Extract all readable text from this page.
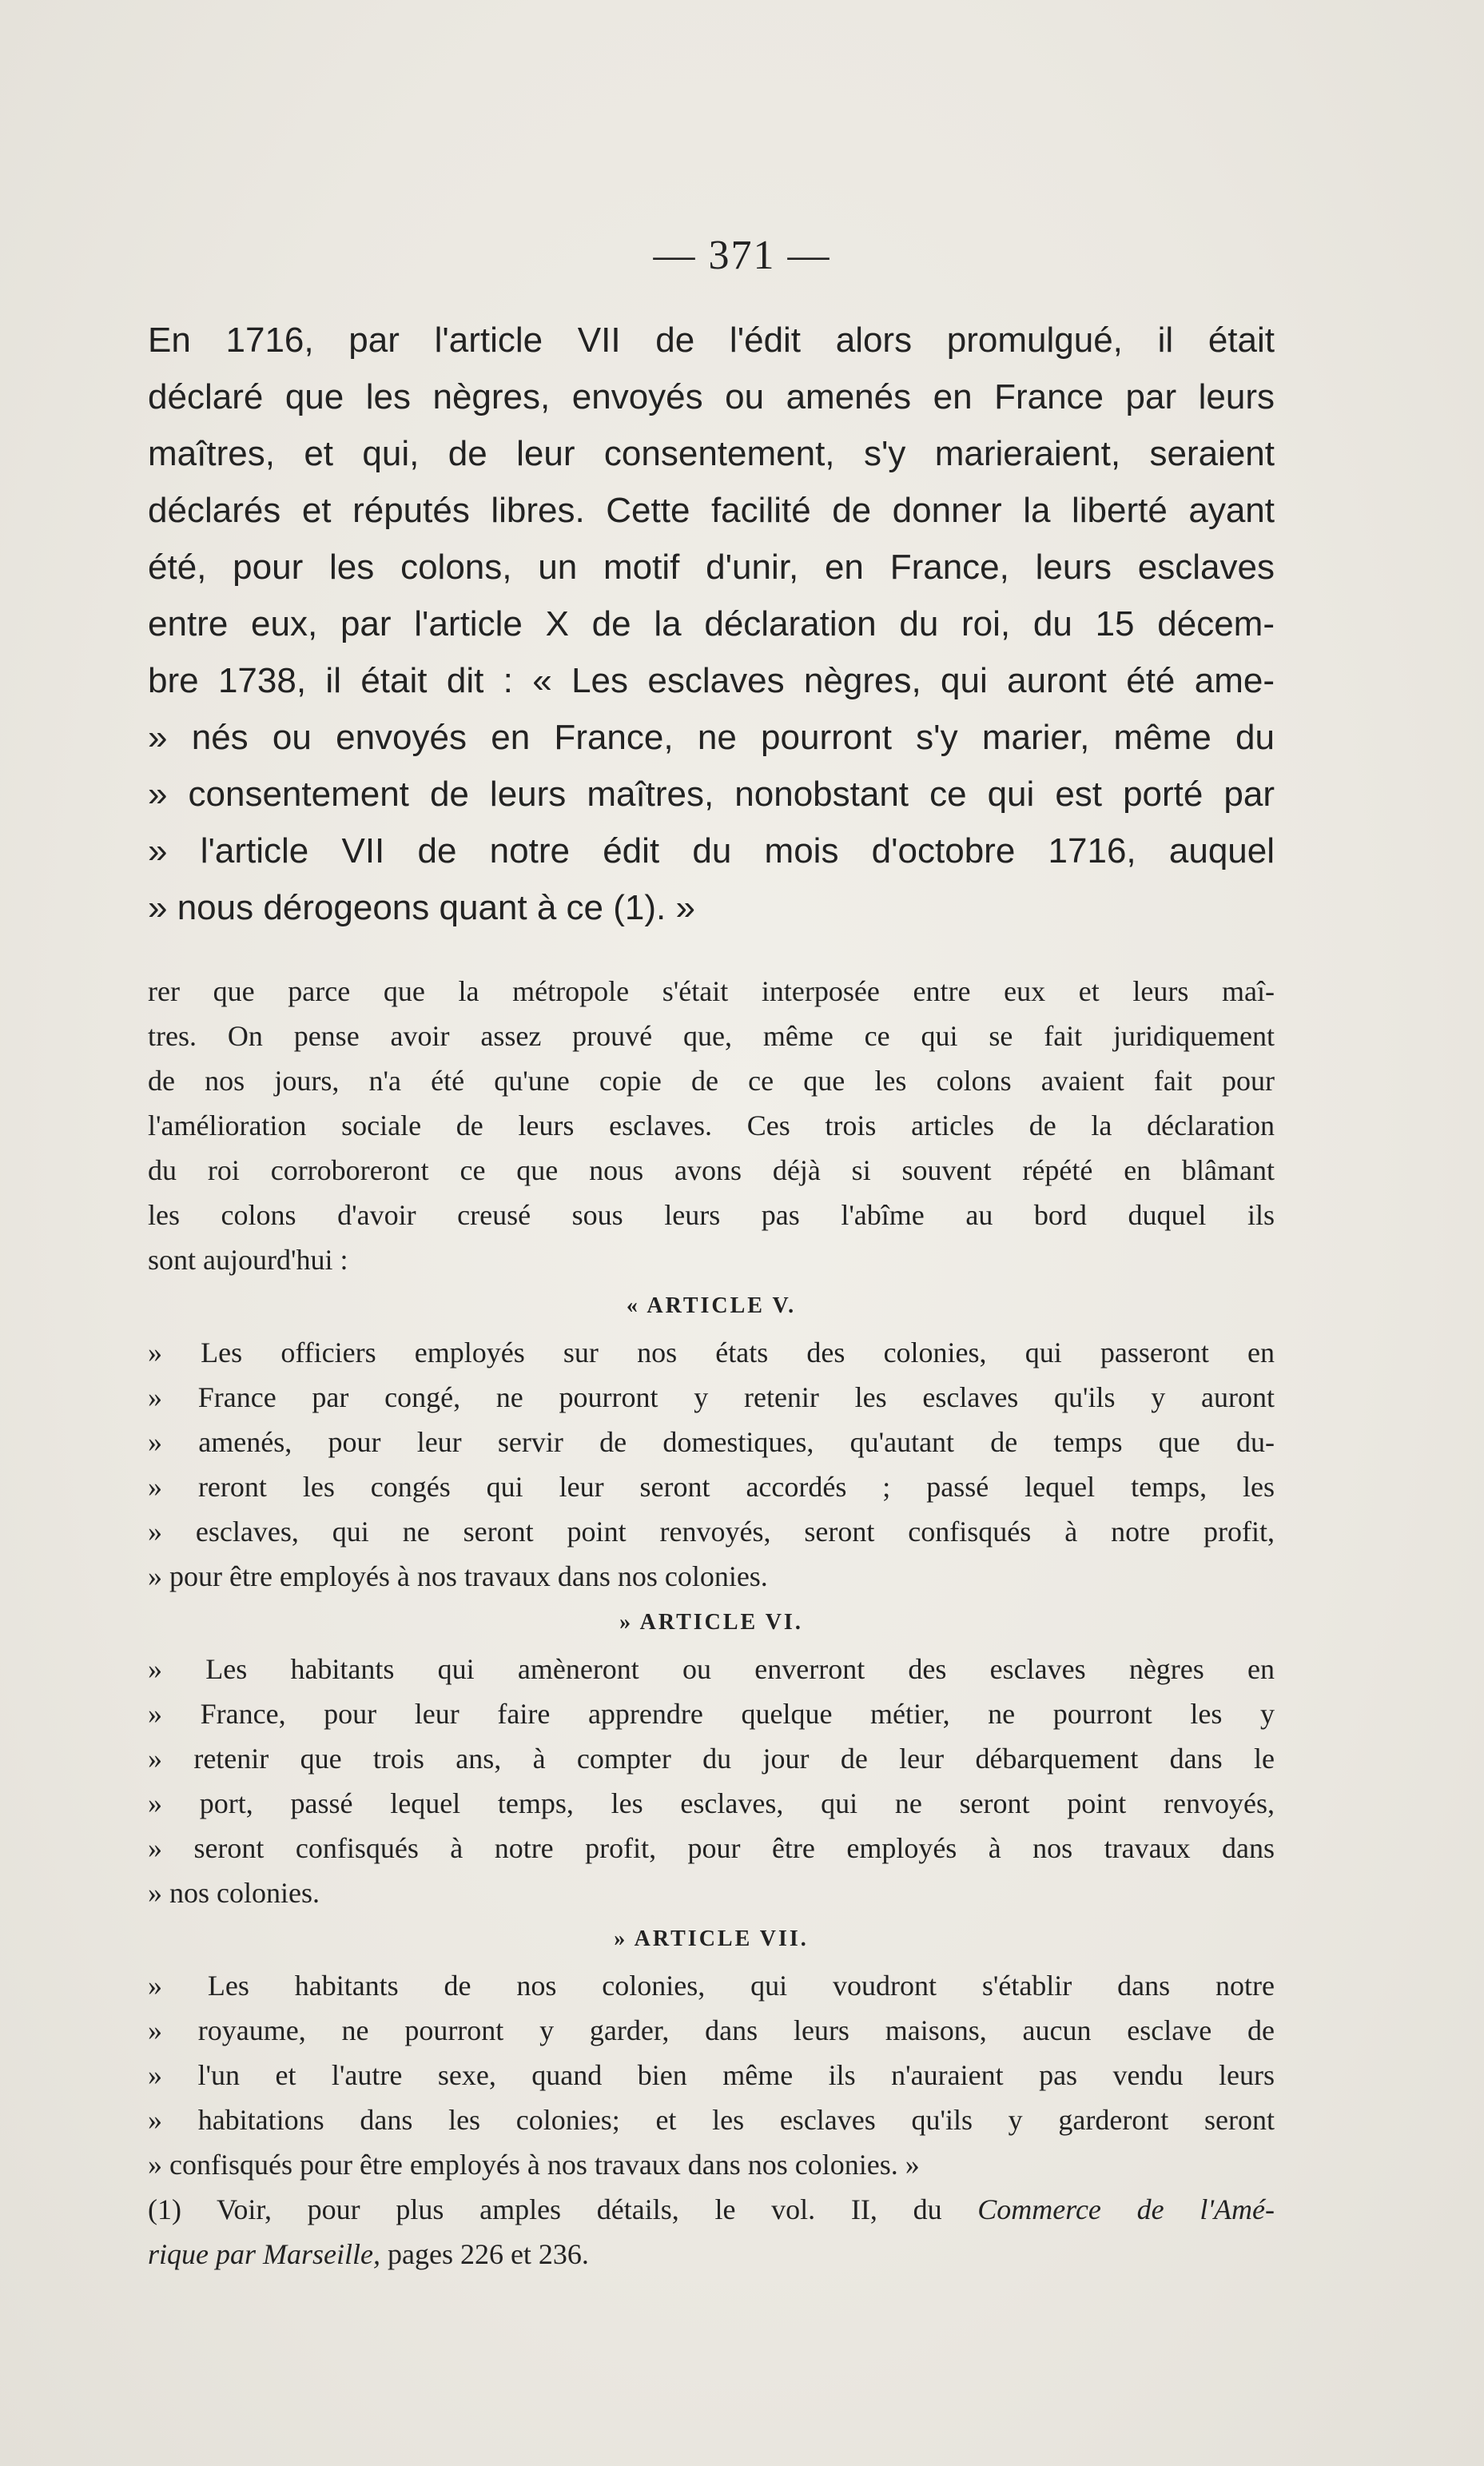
— 371 —
En 1716, par l'article VII de l'édit alors promulgué, il était
déclaré que les nègres, envoyés ou amenés en France par leurs
maîtres, et qui, de leur consentement, s'y marieraient, seraient
déclarés et réputés libres. Cette facilité de donner la liberté ayant
été, pour les colons, un motif d'unir, en France, leurs esclaves
entre eux, par l'article X de la déclaration du roi, du 15 décem-
bre 1738, il était dit : « Les esclaves nègres, qui auront été ame-
» nés ou envoyés en France, ne pourront s'y marier, même du
» consentement de leurs maîtres, nonobstant ce qui est porté par
» l'article VII de notre édit du mois d'octobre 1716, auquel
» nous dérogeons quant à ce (1). »
rer que parce que la métropole s'était interposée entre eux et leurs maî-
tres. On pense avoir assez prouvé que, même ce qui se fait juridiquement
de nos jours, n'a été qu'une copie de ce que les colons avaient fait pour
l'amélioration sociale de leurs esclaves. Ces trois articles de la déclaration
du roi corroboreront ce que nous avons déjà si souvent répété en blâmant
les colons d'avoir creusé sous leurs pas l'abîme au bord duquel ils
sont aujourd'hui :
« ARTICLE V.
» Les officiers employés sur nos états des colonies, qui passeront en
» France par congé, ne pourront y retenir les esclaves qu'ils y auront
» amenés, pour leur servir de domestiques, qu'autant de temps que du-
» reront les congés qui leur seront accordés ; passé lequel temps, les
» esclaves, qui ne seront point renvoyés, seront confisqués à notre profit,
» pour être employés à nos travaux dans nos colonies.
» ARTICLE VI.
» Les habitants qui amèneront ou enverront des esclaves nègres en
» France, pour leur faire apprendre quelque métier, ne pourront les y
» retenir que trois ans, à compter du jour de leur débarquement dans le
» port, passé lequel temps, les esclaves, qui ne seront point renvoyés,
» seront confisqués à notre profit, pour être employés à nos travaux dans
» nos colonies.
» ARTICLE VII.
» Les habitants de nos colonies, qui voudront s'établir dans notre
» royaume, ne pourront y garder, dans leurs maisons, aucun esclave de
» l'un et l'autre sexe, quand bien même ils n'auraient pas vendu leurs
» habitations dans les colonies; et les esclaves qu'ils y garderont seront
» confisqués pour être employés à nos travaux dans nos colonies. »
(1) Voir, pour plus amples détails, le vol. II, du Commerce de l'Amé-
rique par Marseille, pages 226 et 236.
